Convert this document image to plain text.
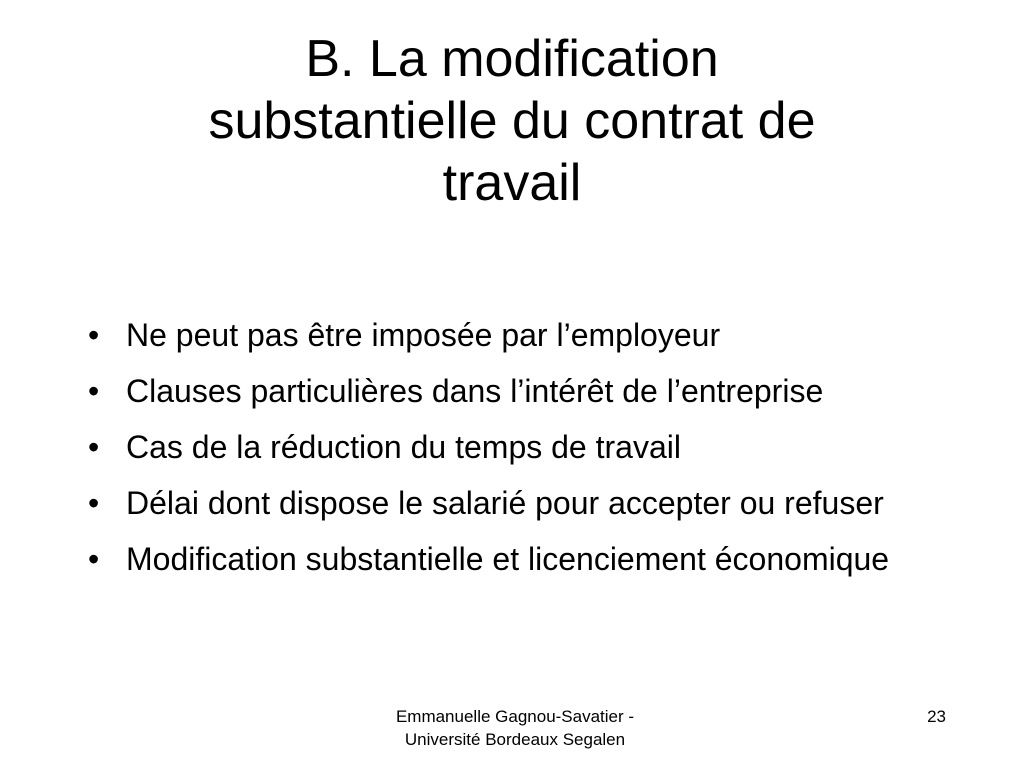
B. La modification
substantielle du contrat de
travail
• Ne peut pas être imposée par l’employeur
• Clauses particulières dans l’intérêt de l’entreprise
• Cas de la réduction du temps de travail
• Délai dont dispose le salarié pour accepter ou refuser
• Modification substantielle et licenciement économique
Emmanuelle Gagnou-Savatier -
Université Bordeaux Segalen
23
